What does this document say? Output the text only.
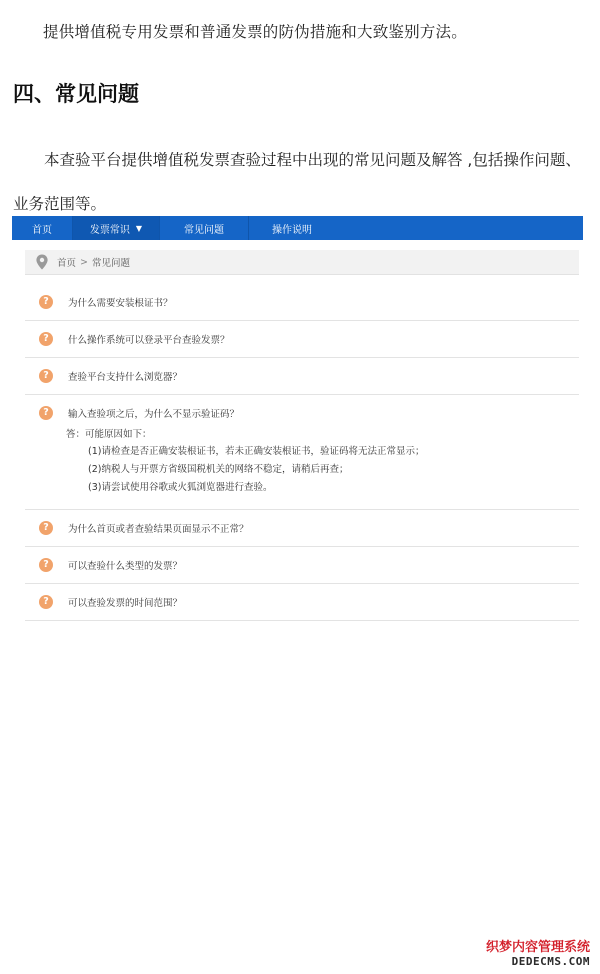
提供增值税专用发票和普通发票的防伪措施和大致鉴别方法。
四、常见问题

本查验平台提供增值税发票查验过程中出现的常见问题及解答 ,包括操作问题、业务范围等。

首页	发票常识 ▼	常见问题	操作说明
首页 > 常见问题
?	为什么需要安装根证书？
?	什么操作系统可以登录平台查验发票？
?	查验平台支持什么浏览器？
?	输入查验项之后，为什么不显示验证码？
答：可能原因如下：
(1)请检查是否正确安装根证书，若未正确安装根证书，验证码将无法正常显示；
(2)纳税人与开票方省级国税机关的网络不稳定，请稍后再查；
(3)请尝试使用谷歌或火狐浏览器进行查验。
?	为什么首页或者查验结果页面显示不正常？
?	可以查验什么类型的发票？
?	可以查验发票的时间范围？
织梦内容管理系统
DEDECMS.COM
